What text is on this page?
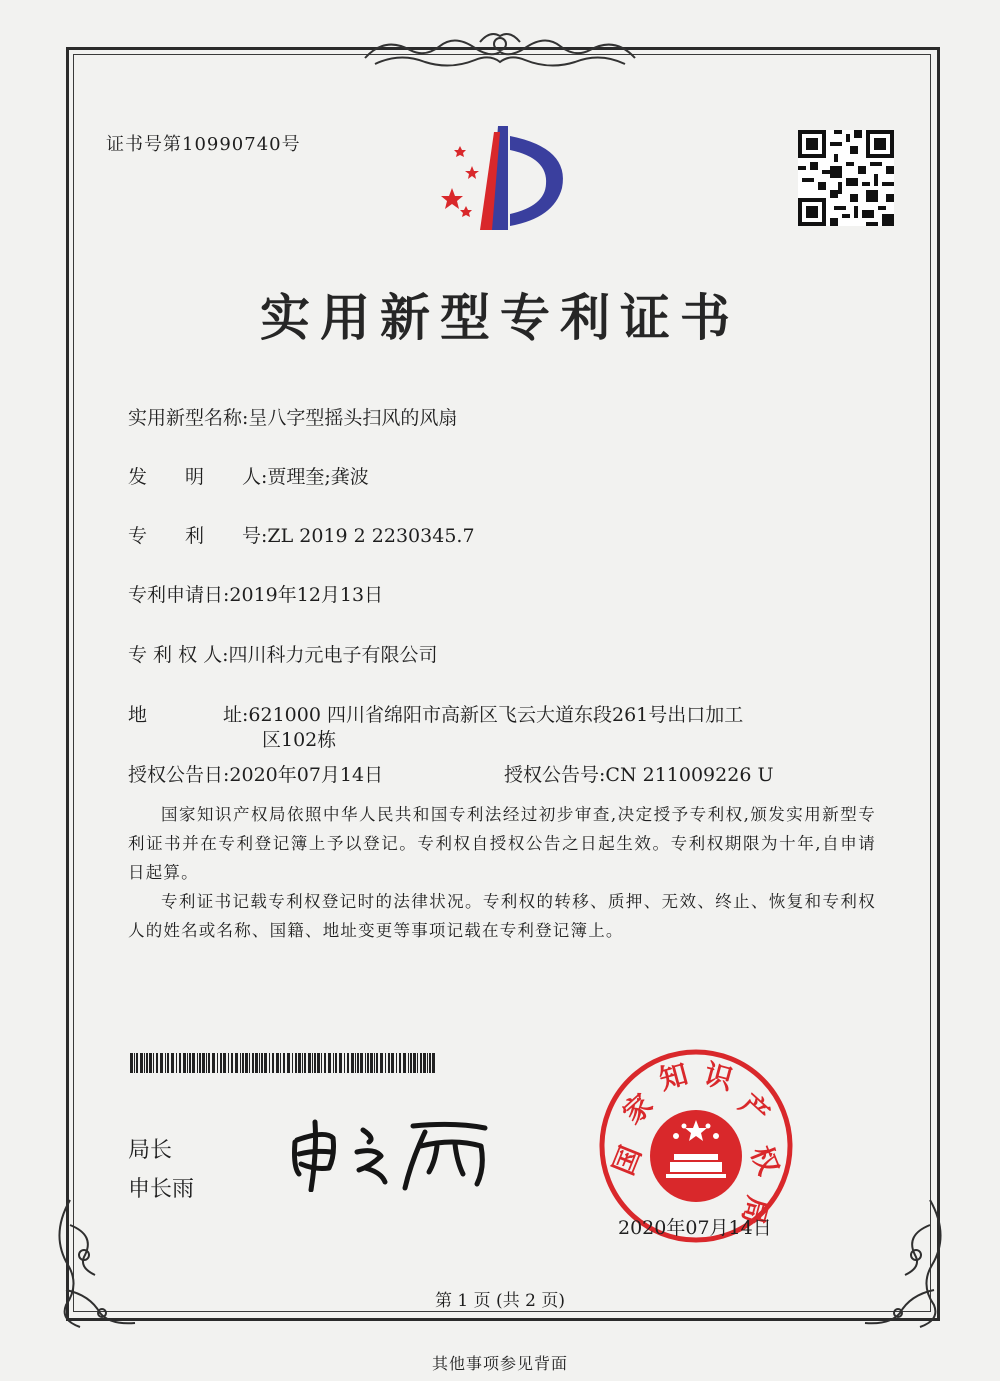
证书号第10990740号
实用新型专利证书
实用新型名称:呈八字型摇头扫风的风扇
发　　明　　人:贾理奎;龚波
专　　利　　号:ZL 2019 2 2230345.7
专利申请日:2019年12月13日
专 利 权 人:四川科力元电子有限公司
地　　　　址:621000 四川省绵阳市高新区飞云大道东段261号出口加工
区102栋
授权公告日:2020年07月14日	授权公告号:CN 211009226 U
国家知识产权局依照中华人民共和国专利法经过初步审查,决定授予专利权,颁发实用新型专利证书并在专利登记簿上予以登记。专利权自授权公告之日起生效。专利权期限为十年,自申请日起算。
专利证书记载专利权登记时的法律状况。专利权的转移、质押、无效、终止、恢复和专利权人的姓名或名称、国籍、地址变更等事项记载在专利登记簿上。
局长
申长雨
国
家
知 识
产
权
局
2020年07月14日
第 1 页 (共 2 页)
其他事项参见背面
